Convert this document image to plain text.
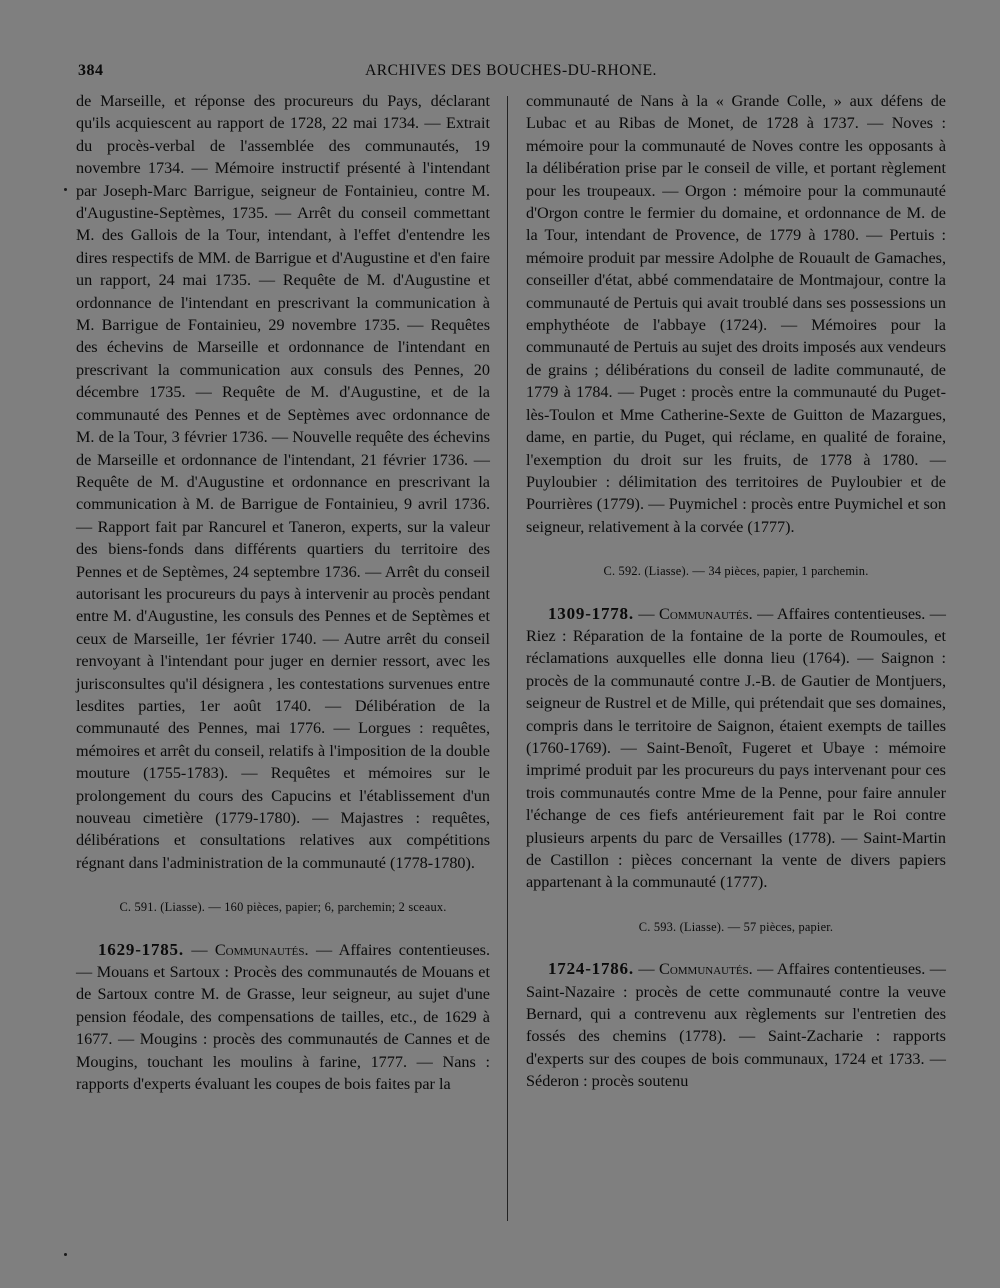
384	ARCHIVES DES BOUCHES-DU-RHONE.

de Marseille, et réponse des procureurs du Pays, déclarant qu'ils acquiescent au rapport de 1728, 22 mai 1734. — Extrait du procès-verbal de l'assemblée des communautés, 19 novembre 1734. — Mémoire instructif présenté à l'intendant par Joseph-Marc Barrigue, seigneur de Fontainieu, contre M. d'Augustine-Septèmes, 1735. — Arrêt du conseil commettant M. des Gallois de la Tour, intendant, à l'effet d'entendre les dires respectifs de MM. de Barrigue et d'Augustine et d'en faire un rapport, 24 mai 1735. — Requête de M. d'Augustine et ordonnance de l'intendant en prescrivant la communication à M. Barrigue de Fontainieu, 29 novembre 1735. — Requêtes des échevins de Marseille et ordonnance de l'intendant en prescrivant la communication aux consuls des Pennes, 20 décembre 1735. — Requête de M. d'Augustine, et de la communauté des Pennes et de Septèmes avec ordonnance de M. de la Tour, 3 février 1736. — Nouvelle requête des échevins de Marseille et ordonnance de l'intendant, 21 février 1736. — Requête de M. d'Augustine et ordonnance en prescrivant la communication à M. de Barrigue de Fontainieu, 9 avril 1736. — Rapport fait par Rancurel et Taneron, experts, sur la valeur des biens-fonds dans différents quartiers du territoire des Pennes et de Septèmes, 24 septembre 1736. — Arrêt du conseil autorisant les procureurs du pays à intervenir au procès pendant entre M. d'Augustine, les consuls des Pennes et de Septèmes et ceux de Marseille, 1er février 1740. — Autre arrêt du conseil renvoyant à l'intendant pour juger en dernier ressort, avec les jurisconsultes qu'il désignera , les contestations survenues entre lesdites parties, 1er août 1740. — Délibération de la communauté des Pennes, mai 1776. — Lorgues : requêtes, mémoires et arrêt du conseil, relatifs à l'imposition de la double mouture (1755-1783). — Requêtes et mémoires sur le prolongement du cours des Capucins et l'établissement d'un nouveau cimetière (1779-1780). — Majastres : requêtes, délibérations et consultations relatives aux compétitions régnant dans l'administration de la communauté (1778-1780).

C. 591. (Liasse). — 160 pièces, papier; 6, parchemin; 2 sceaux.

1629-1785. — Communautés. — Affaires contentieuses. — Mouans et Sartoux : Procès des communautés de Mouans et de Sartoux contre M. de Grasse, leur seigneur, au sujet d'une pension féodale, des compensations de tailles, etc., de 1629 à 1677. — Mougins : procès des communautés de Cannes et de Mougins, touchant les moulins à farine, 1777. — Nans : rapports d'experts évaluant les coupes de bois faites par la

communauté de Nans à la « Grande Colle, » aux défens de Lubac et au Ribas de Monet, de 1728 à 1737. — Noves : mémoire pour la communauté de Noves contre les opposants à la délibération prise par le conseil de ville, et portant règlement pour les troupeaux. — Orgon : mémoire pour la communauté d'Orgon contre le fermier du domaine, et ordonnance de M. de la Tour, intendant de Provence, de 1779 à 1780. — Pertuis : mémoire produit par messire Adolphe de Rouault de Gamaches, conseiller d'état, abbé commendataire de Montmajour, contre la communauté de Pertuis qui avait troublé dans ses possessions un emphythéote de l'abbaye (1724). — Mémoires pour la communauté de Pertuis au sujet des droits imposés aux vendeurs de grains ; délibérations du conseil de ladite communauté, de 1779 à 1784. — Puget : procès entre la communauté du Puget-lès-Toulon et Mme Catherine-Sexte de Guitton de Mazargues, dame, en partie, du Puget, qui réclame, en qualité de foraine, l'exemption du droit sur les fruits, de 1778 à 1780. — Puyloubier : délimitation des territoires de Puyloubier et de Pourrières (1779). — Puymichel : procès entre Puymichel et son seigneur, relativement à la corvée (1777).

C. 592. (Liasse). — 34 pièces, papier, 1 parchemin.

1309-1778. — Communautés. — Affaires contentieuses. — Riez : Réparation de la fontaine de la porte de Roumoules, et réclamations auxquelles elle donna lieu (1764). — Saignon : procès de la communauté contre J.-B. de Gautier de Montjuers, seigneur de Rustrel et de Mille, qui prétendait que ses domaines, compris dans le territoire de Saignon, étaient exempts de tailles (1760-1769). — Saint-Benoît, Fugeret et Ubaye : mémoire imprimé produit par les procureurs du pays intervenant pour ces trois communautés contre Mme de la Penne, pour faire annuler l'échange de ces fiefs antérieurement fait par le Roi contre plusieurs arpents du parc de Versailles (1778). — Saint-Martin de Castillon : pièces concernant la vente de divers papiers appartenant à la communauté (1777).

C. 593. (Liasse). — 57 pièces, papier.

1724-1786. — Communautés. — Affaires contentieuses. — Saint-Nazaire : procès de cette communauté contre la veuve Bernard, qui a contrevenu aux règlements sur l'entretien des fossés des chemins (1778). — Saint-Zacharie : rapports d'experts sur des coupes de bois communaux, 1724 et 1733. — Séderon : procès soutenu
